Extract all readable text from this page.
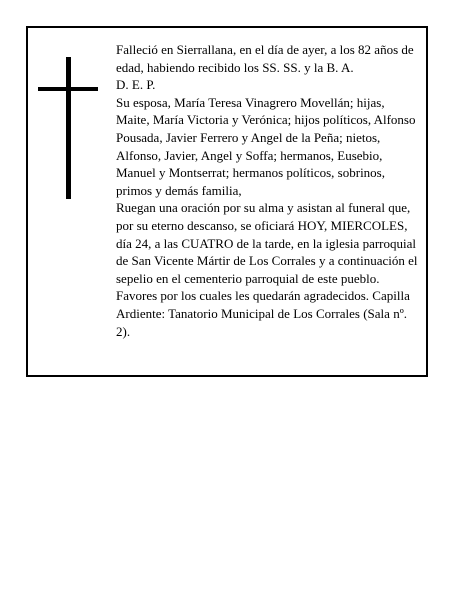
Falleció en Sierrallana, en el día de ayer, a los 82 años de edad, habiendo recibido los SS. SS. y la B. A.

D. E. P.

Su esposa, María Teresa Vinagrero Movellán; hijas, Maite, María Victoria y Verónica; hijos políticos, Alfonso Pousada, Javier Ferrero y Angel de la Peña; nietos, Alfonso, Javier, Angel y Soffa; hermanos, Eusebio, Manuel y Montserrat; hermanos políticos, sobrinos, primos y demás familia,

Ruegan una oración por su alma y asistan al funeral que, por su eterno descanso, se oficiará HOY, MIERCOLES, día 24, a las CUATRO de la tarde, en la iglesia parroquial de San Vicente Mártir de Los Corrales y a continuación el sepelio en el cementerio parroquial de este pueblo. Favores por los cuales les quedarán agradecidos. Capilla Ardiente: Tanatorio Municipal de Los Corrales (Sala nº. 2).
